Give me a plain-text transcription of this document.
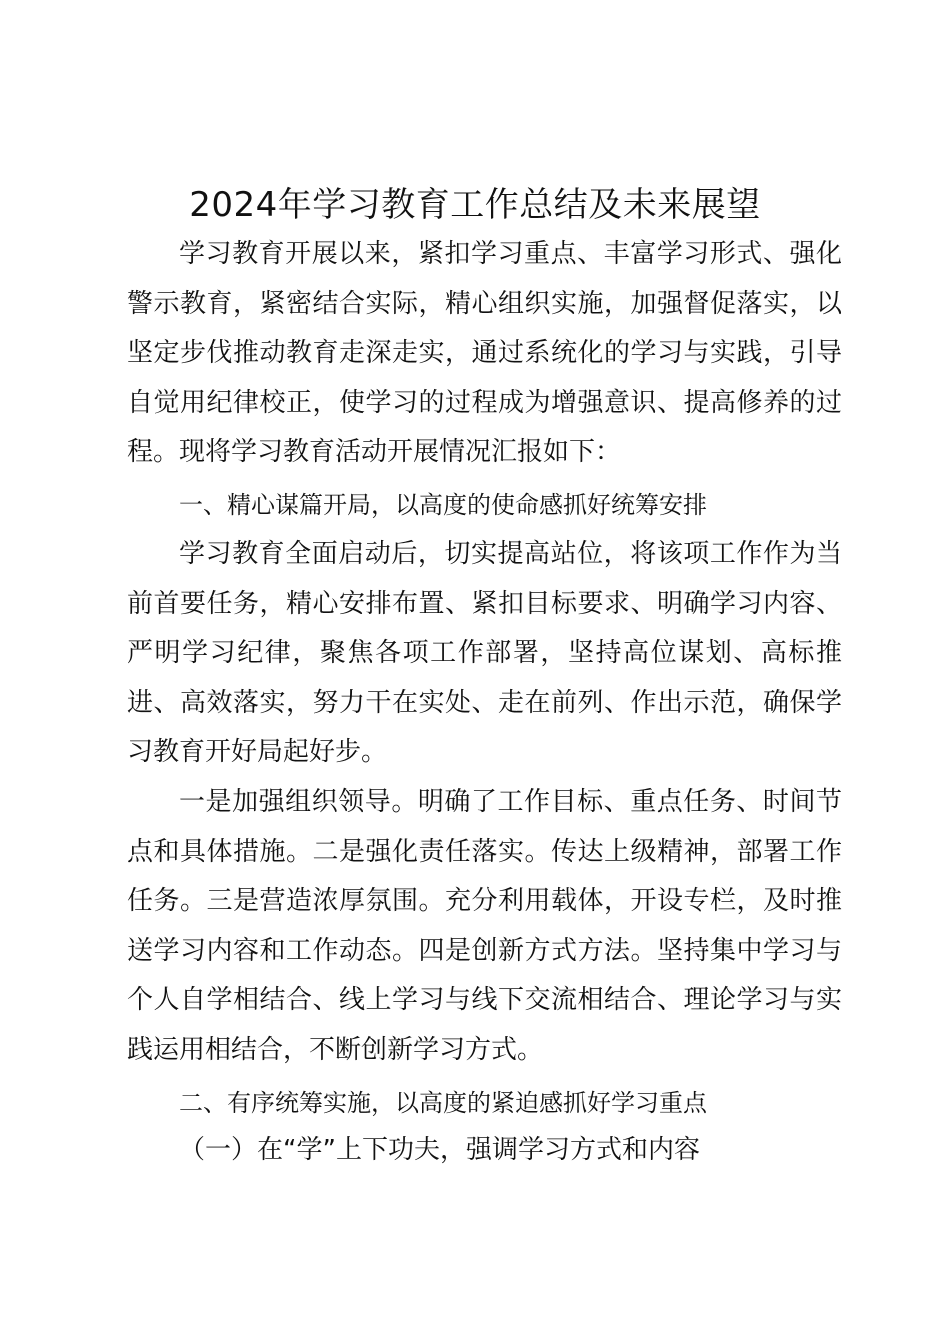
2024年学习教育工作总结及未来展望

学习教育开展以来，紧扣学习重点、丰富学习形式、强化警示教育，紧密结合实际，精心组织实施，加强督促落实，以坚定步伐推动教育走深走实，通过系统化的学习与实践，引导自觉用纪律校正，使学习的过程成为增强意识、提高修养的过程。现将学习教育活动开展情况汇报如下：

一、精心谋篇开局，以高度的使命感抓好统筹安排

学习教育全面启动后，切实提高站位，将该项工作作为当前首要任务，精心安排布置、紧扣目标要求、明确学习内容、严明学习纪律，聚焦各项工作部署，坚持高位谋划、高标推进、高效落实，努力干在实处、走在前列、作出示范，确保学习教育开好局起好步。

一是加强组织领导。明确了工作目标、重点任务、时间节点和具体措施。二是强化责任落实。传达上级精神，部署工作任务。三是营造浓厚氛围。充分利用载体，开设专栏，及时推送学习内容和工作动态。四是创新方式方法。坚持集中学习与个人自学相结合、线上学习与线下交流相结合、理论学习与实践运用相结合，不断创新学习方式。

二、有序统筹实施，以高度的紧迫感抓好学习重点

（一）在“学”上下功夫，强调学习方式和内容
